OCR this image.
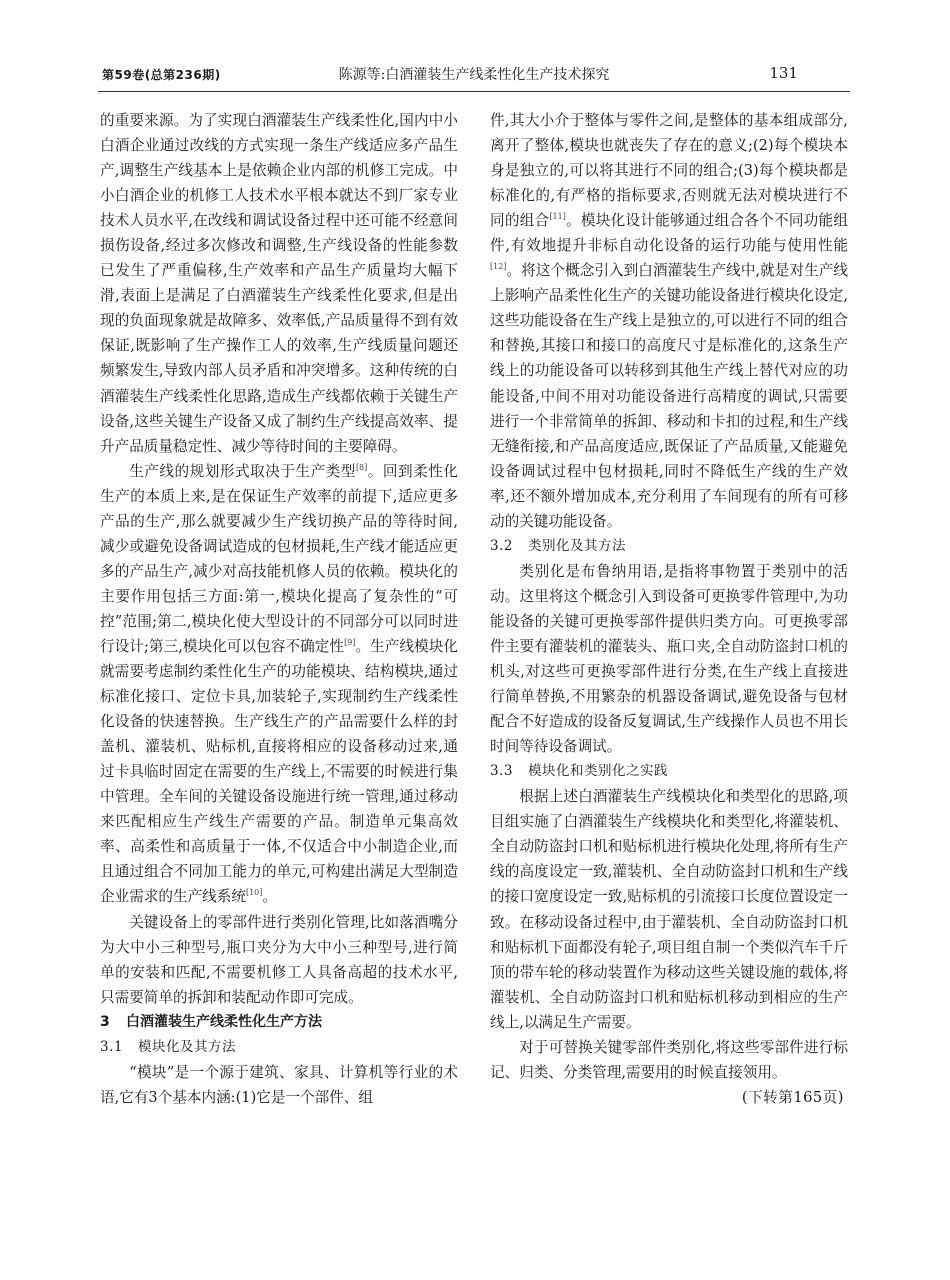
第59卷(总第236期)	陈源等:白酒灌装生产线柔性化生产技术探究	131

的重要来源。为了实现白酒灌装生产线柔性化,国内中小白酒企业通过改线的方式实现一条生产线适应多产品生产,调整生产线基本上是依赖企业内部的机修工完成。中小白酒企业的机修工人技术水平根本就达不到厂家专业技术人员水平,在改线和调试设备过程中还可能不经意间损伤设备,经过多次修改和调整,生产线设备的性能参数已发生了严重偏移,生产效率和产品生产质量均大幅下滑,表面上是满足了白酒灌装生产线柔性化要求,但是出现的负面现象就是故障多、效率低,产品质量得不到有效保证,既影响了生产操作工人的效率,生产线质量问题还频繁发生,导致内部人员矛盾和冲突增多。这种传统的白酒灌装生产线柔性化思路,造成生产线都依赖于关键生产设备,这些关键生产设备又成了制约生产线提高效率、提升产品质量稳定性、减少等待时间的主要障碍。

生产线的规划形式取决于生产类型[8]。回到柔性化生产的本质上来,是在保证生产效率的前提下,适应更多产品的生产,那么就要减少生产线切换产品的等待时间,减少或避免设备调试造成的包材损耗,生产线才能适应更多的产品生产,减少对高技能机修人员的依赖。模块化的主要作用包括三方面:第一,模块化提高了复杂性的“可控”范围;第二,模块化使大型设计的不同部分可以同时进行设计;第三,模块化可以包容不确定性[9]。生产线模块化就需要考虑制约柔性化生产的功能模块、结构模块,通过标准化接口、定位卡具,加装轮子,实现制约生产线柔性化设备的快速替换。生产线生产的产品需要什么样的封盖机、灌装机、贴标机,直接将相应的设备移动过来,通过卡具临时固定在需要的生产线上,不需要的时候进行集中管理。全车间的关键设备设施进行统一管理,通过移动来匹配相应生产线生产需要的产品。制造单元集高效率、高柔性和高质量于一体,不仅适合中小制造企业,而且通过组合不同加工能力的单元,可构建出满足大型制造企业需求的生产线系统[10]。

关键设备上的零部件进行类别化管理,比如落酒嘴分为大中小三种型号,瓶口夹分为大中小三种型号,进行简单的安装和匹配,不需要机修工人具备高超的技术水平,只需要简单的拆卸和装配动作即可完成。

3 白酒灌装生产线柔性化生产方法
3.1 模块化及其方法

“模块”是一个源于建筑、家具、计算机等行业的术语,它有3个基本内涵:(1)它是一个部件、组

件,其大小介于整体与零件之间,是整体的基本组成部分,离开了整体,模块也就丧失了存在的意义;(2)每个模块本身是独立的,可以将其进行不同的组合;(3)每个模块都是标准化的,有严格的指标要求,否则就无法对模块进行不同的组合[11]。模块化设计能够通过组合各个不同功能组件,有效地提升非标自动化设备的运行功能与使用性能[12]。将这个概念引入到白酒灌装生产线中,就是对生产线上影响产品柔性化生产的关键功能设备进行模块化设定,这些功能设备在生产线上是独立的,可以进行不同的组合和替换,其接口和接口的高度尺寸是标准化的,这条生产线上的功能设备可以转移到其他生产线上替代对应的功能设备,中间不用对功能设备进行高精度的调试,只需要进行一个非常简单的拆卸、移动和卡扣的过程,和生产线无缝衔接,和产品高度适应,既保证了产品质量,又能避免设备调试过程中包材损耗,同时不降低生产线的生产效率,还不额外增加成本,充分利用了车间现有的所有可移动的关键功能设备。

3.2 类别化及其方法

类别化是布鲁纳用语,是指将事物置于类别中的活动。这里将这个概念引入到设备可更换零件管理中,为功能设备的关键可更换零部件提供归类方向。可更换零部件主要有灌装机的灌装头、瓶口夹,全自动防盗封口机的机头,对这些可更换零部件进行分类,在生产线上直接进行简单替换,不用繁杂的机器设备调试,避免设备与包材配合不好造成的设备反复调试,生产线操作人员也不用长时间等待设备调试。

3.3 模块化和类别化之实践

根据上述白酒灌装生产线模块化和类型化的思路,项目组实施了白酒灌装生产线模块化和类型化,将灌装机、全自动防盗封口机和贴标机进行模块化处理,将所有生产线的高度设定一致,灌装机、全自动防盗封口机和生产线的接口宽度设定一致,贴标机的引流接口长度位置设定一致。在移动设备过程中,由于灌装机、全自动防盗封口机和贴标机下面都没有轮子,项目组自制一个类似汽车千斤顶的带车轮的移动装置作为移动这些关键设施的载体,将灌装机、全自动防盗封口机和贴标机移动到相应的生产线上,以满足生产需要。

对于可替换关键零部件类别化,将这些零部件进行标记、归类、分类管理,需要用的时候直接领用。

(下转第165页)
